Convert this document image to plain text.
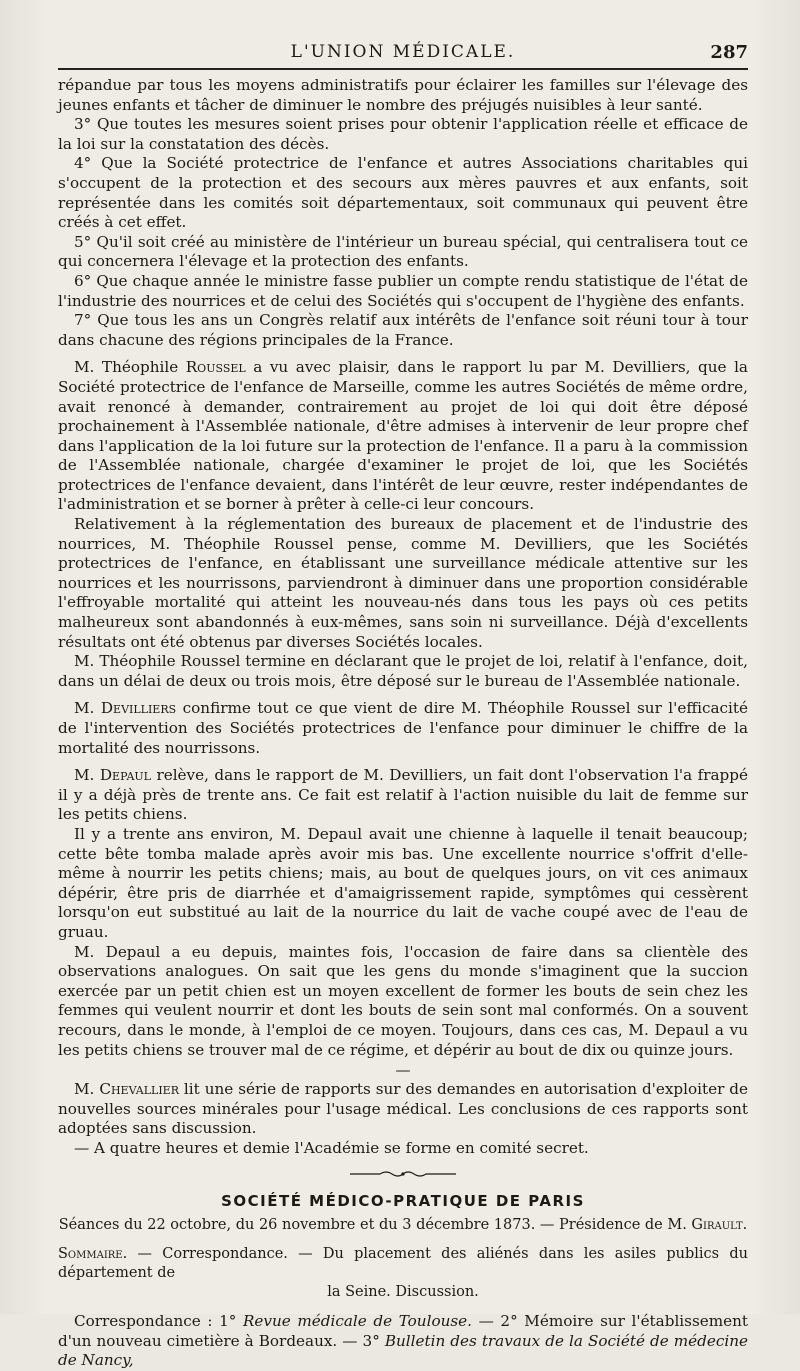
L'UNION MÉDICALE.	287

répandue par tous les moyens administratifs pour éclairer les familles sur l'élevage des jeunes enfants et tâcher de diminuer le nombre des préjugés nuisibles à leur santé.

3° Que toutes les mesures soient prises pour obtenir l'application réelle et efficace de la loi sur la constatation des décès.

4° Que la Société protectrice de l'enfance et autres Associations charitables qui s'occupent de la protection et des secours aux mères pauvres et aux enfants, soit représentée dans les comités soit départementaux, soit communaux qui peuvent être créés à cet effet.

5° Qu'il soit créé au ministère de l'intérieur un bureau spécial, qui centralisera tout ce qui concernera l'élevage et la protection des enfants.

6° Que chaque année le ministre fasse publier un compte rendu statistique de l'état de l'industrie des nourrices et de celui des Sociétés qui s'occupent de l'hygiène des enfants.

7° Que tous les ans un Congrès relatif aux intérêts de l'enfance soit réuni tour à tour dans chacune des régions principales de la France.

M. Théophile Roussel a vu avec plaisir, dans le rapport lu par M. Devilliers, que la Société protectrice de l'enfance de Marseille, comme les autres Sociétés de même ordre, avait renoncé à demander, contrairement au projet de loi qui doit être déposé prochainement à l'Assemblée nationale, d'être admises à intervenir de leur propre chef dans l'application de la loi future sur la protection de l'enfance. Il a paru à la commission de l'Assemblée nationale, chargée d'examiner le projet de loi, que les Sociétés protectrices de l'enfance devaient, dans l'intérêt de leur œuvre, rester indépendantes de l'administration et se borner à prêter à celle-ci leur concours.

Relativement à la réglementation des bureaux de placement et de l'industrie des nourrices, M. Théophile Roussel pense, comme M. Devilliers, que les Sociétés protectrices de l'enfance, en établissant une surveillance médicale attentive sur les nourrices et les nourrissons, parviendront à diminuer dans une proportion considérable l'effroyable mortalité qui atteint les nouveau-nés dans tous les pays où ces petits malheureux sont abandonnés à eux-mêmes, sans soin ni surveillance. Déjà d'excellents résultats ont été obtenus par diverses Sociétés locales.

M. Théophile Roussel termine en déclarant que le projet de loi, relatif à l'enfance, doit, dans un délai de deux ou trois mois, être déposé sur le bureau de l'Assemblée nationale.

M. Devilliers confirme tout ce que vient de dire M. Théophile Roussel sur l'efficacité de l'intervention des Sociétés protectrices de l'enfance pour diminuer le chiffre de la mortalité des nourrissons.

M. Depaul relève, dans le rapport de M. Devilliers, un fait dont l'observation l'a frappé il y a déjà près de trente ans. Ce fait est relatif à l'action nuisible du lait de femme sur les petits chiens.

Il y a trente ans environ, M. Depaul avait une chienne à laquelle il tenait beaucoup; cette bête tomba malade après avoir mis bas. Une excellente nourrice s'offrit d'elle-même à nourrir les petits chiens; mais, au bout de quelques jours, on vit ces animaux dépérir, être pris de diarrhée et d'amaigrissement rapide, symptômes qui cessèrent lorsqu'on eut substitué au lait de la nourrice du lait de vache coupé avec de l'eau de gruau.

M. Depaul a eu depuis, maintes fois, l'occasion de faire dans sa clientèle des observations analogues. On sait que les gens du monde s'imaginent que la succion exercée par un petit chien est un moyen excellent de former les bouts de sein chez les femmes qui veulent nourrir et dont les bouts de sein sont mal conformés. On a souvent recours, dans le monde, à l'emploi de ce moyen. Toujours, dans ces cas, M. Depaul a vu les petits chiens se trouver mal de ce régime, et dépérir au bout de dix ou quinze jours.

—

M. Chevallier lit une série de rapports sur des demandes en autorisation d'exploiter de nouvelles sources minérales pour l'usage médical. Les conclusions de ces rapports sont adoptées sans discussion.

— A quatre heures et demie l'Académie se forme en comité secret.

SOCIÉTÉ MÉDICO-PRATIQUE DE PARIS
Séances du 22 octobre, du 26 novembre et du 3 décembre 1873. — Présidence de M. Girault.
Sommaire. — Correspondance. — Du placement des aliénés dans les asiles publics du département de
la Seine. Discussion.

Correspondance : 1° Revue médicale de Toulouse. — 2° Mémoire sur l'établissement d'un nouveau cimetière à Bordeaux. — 3° Bulletin des travaux de la Société de médecine de Nancy,
